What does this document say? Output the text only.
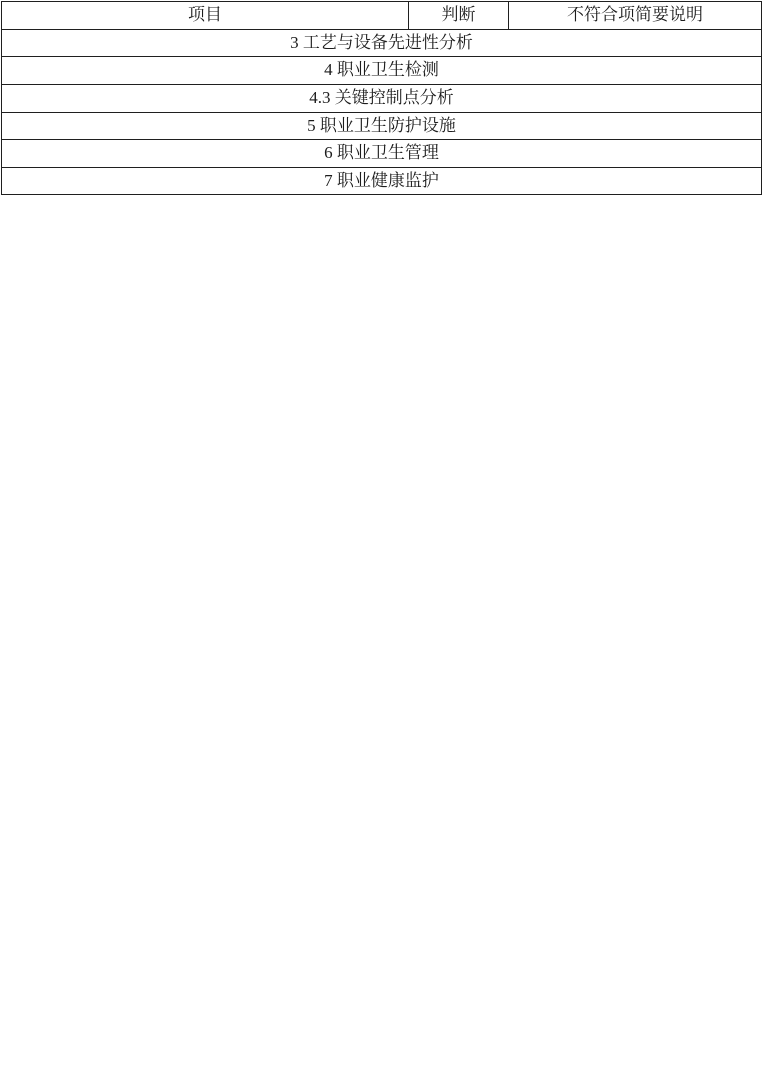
项目	判断	不符合项简要说明

3 工艺与设备先进性分析

4 职业卫生检测

4.3 关键控制点分析
5 职业卫生防护设施

6 职业卫生管理

7 职业健康监护
